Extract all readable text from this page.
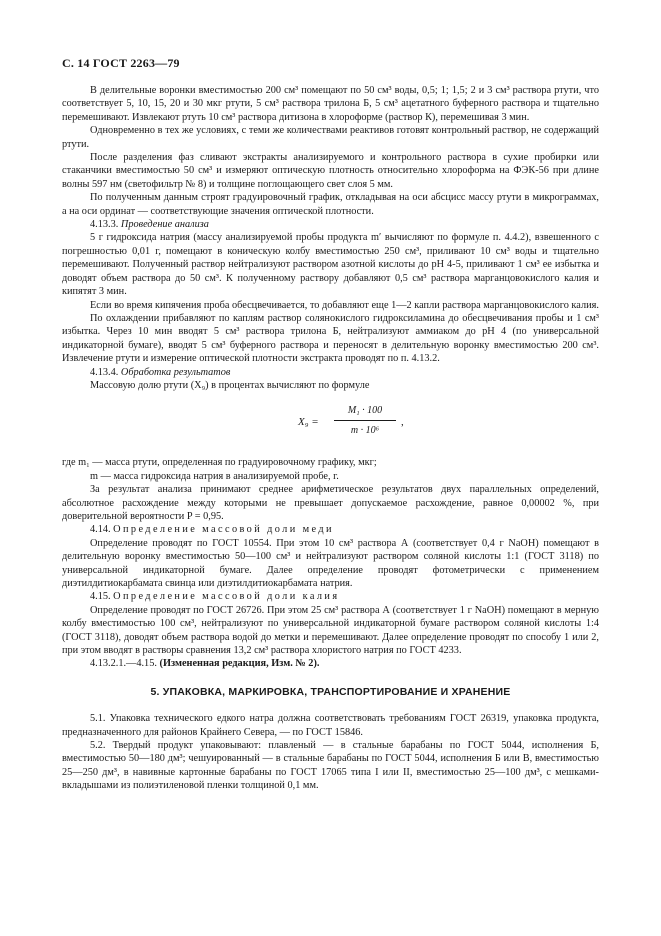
С. 14 ГОСТ 2263—79

В делительные воронки вместимостью 200 см³ помещают по 50 см³ воды, 0,5; 1; 1,5; 2 и 3 см³ раствора ртути, что соответствует 5, 10, 15, 20 и 30 мкг ртути, 5 см³ раствора трилона Б, 5 см³ ацетатного буферного раствора и тщательно перемешивают. Извлекают ртуть 10 см³ раствора дитизона в хлороформе (раствор К), перемешивая 3 мин.

Одновременно в тех же условиях, с теми же количествами реактивов готовят контрольный раствор, не содержащий ртути.

После разделения фаз сливают экстракты анализируемого и контрольного раствора в сухие пробирки или стаканчики вместимостью 50 см³ и измеряют оптическую плотность относительно хлороформа на ФЭК-56 при длине волны 597 нм (светофильтр № 8) и толщине поглощающего свет слоя 5 мм.

По полученным данным строят градуировочный график, откладывая на оси абсцисс массу ртути в микрограммах, а на оси ординат — соответствующие значения оптической плотности.

4.13.3. Проведение анализа

5 г гидроксида натрия (массу анализируемой пробы продукта m′ вычисляют по формуле п. 4.4.2), взвешенного с погрешностью 0,01 г, помещают в коническую колбу вместимостью 250 см³, приливают 10 см³ воды и тщательно перемешивают. Полученный раствор нейтрализуют раствором азотной кислоты до рН 4-5, приливают 1 см³ ее избытка и доводят объем раствора до 50 см³. К полученному раствору добавляют 0,5 см³ раствора марганцовокислого калия и кипятят 3 мин.

Если во время кипячения проба обесцвечивается, то добавляют еще 1—2 капли раствора марганцовокислого калия.

По охлаждении прибавляют по каплям раствор солянокислого гидроксиламина до обесцвечивания пробы и 1 см³ избытка. Через 10 мин вводят 5 см³ раствора трилона Б, нейтрализуют аммиаком до рН 4 (по универсальной индикаторной бумаге), вводят 5 см³ буферного раствора и переносят в делительную воронку вместимостью 200 см³. Извлечение ртути и измерение оптической плотности экстракта проводят по п. 4.13.2.

4.13.4. Обработка результатов

Массовую долю ртути (X₉) в процентах вычисляют по формуле

$X_9 = \frac{\text{M₁ · 100}}{\text{m · 10⁶}}$ ,

где m₁ — масса ртути, определенная по градуировочному графику, мкг;

m — масса гидроксида натрия в анализируемой пробе, г.

За результат анализа принимают среднее арифметическое результатов двух параллельных определений, абсолютное расхождение между которыми не превышает допускаемое расхождение, равное 0,00002 %, при доверительной вероятности P = 0,95.

4.14. Определение массовой доли меди

Определение проводят по ГОСТ 10554. При этом 10 см³ раствора А (соответствует 0,4 г NaOH) помещают в делительную воронку вместимостью 50—100 см³ и нейтрализуют раствором соляной кислоты 1:1 (ГОСТ 3118) по универсальной индикаторной бумаге. Далее определение проводят фотометрически с применением диэтилдитиокарбамата свинца или диэтилдитиокарбамата натрия.

4.15. Определение массовой доли калия

Определение проводят по ГОСТ 26726. При этом 25 см³ раствора А (соответствует 1 г NaOH) помещают в мерную колбу вместимостью 100 см³, нейтрализуют по универсальной индикаторной бумаге раствором соляной кислоты 1:4 (ГОСТ 3118), доводят объем раствора водой до метки и перемешивают. Далее определение проводят по способу 1 или 2, при этом вводят в растворы сравнения 13,2 см³ раствора хлористого натрия по ГОСТ 4233.

4.13.2.1.—4.15. (Измененная редакция, Изм. № 2).

5. УПАКОВКА, МАРКИРОВКА, ТРАНСПОРТИРОВАНИЕ И ХРАНЕНИЕ

5.1. Упаковка технического едкого натра должна соответствовать требованиям ГОСТ 26319, упаковка продукта, предназначенного для районов Крайнего Севера, — по ГОСТ 15846.

5.2. Твердый продукт упаковывают: плавленый — в стальные барабаны по ГОСТ 5044, исполнения Б, вместимостью 50—180 дм³; чешуированный — в стальные барабаны по ГОСТ 5044, исполнения Б или В, вместимостью 25—250 дм³, в навивные картонные барабаны по ГОСТ 17065 типа I или II, вместимостью 25—100 дм³, с мешками-вкладышами из полиэтиленовой пленки толщиной 0,1 мм.
